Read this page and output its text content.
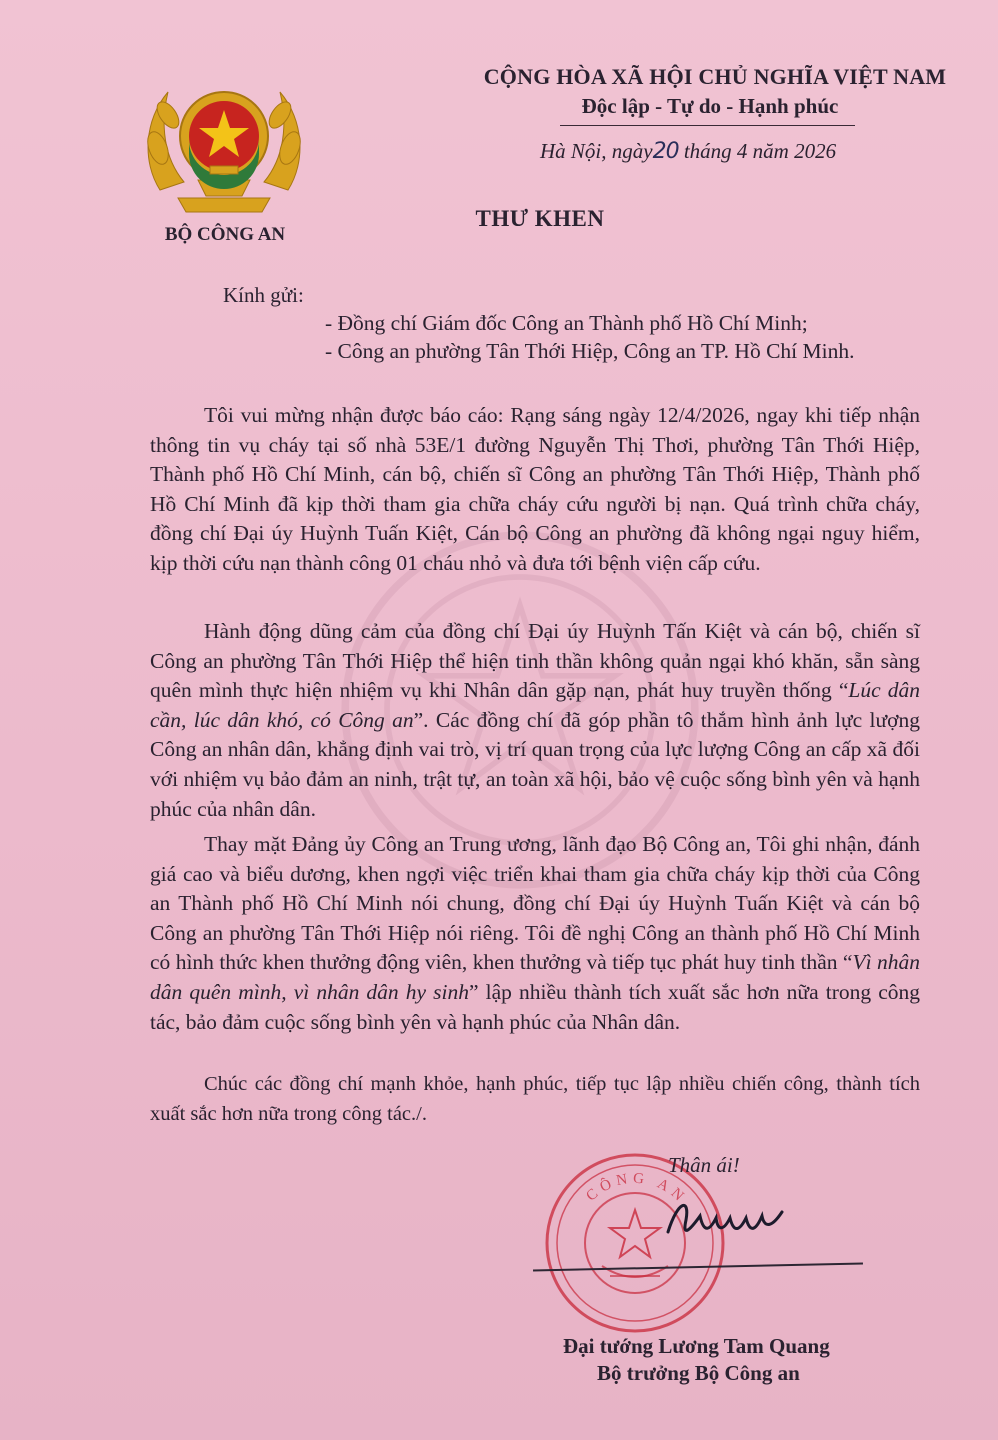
BỘ CÔNG AN
CỘNG HÒA XÃ HỘI CHỦ NGHĨA VIỆT NAM
Độc lập - Tự do - Hạnh phúc
Hà Nội, ngày20 tháng 4 năm 2026
THƯ KHEN
Kính gửi:
- Đồng chí Giám đốc Công an Thành phố Hồ Chí Minh;
- Công an phường Tân Thới Hiệp, Công an TP. Hồ Chí Minh.

Tôi vui mừng nhận được báo cáo: Rạng sáng ngày 12/4/2026, ngay khi tiếp nhận thông tin vụ cháy tại số nhà 53E/1 đường Nguyễn Thị Thơi, phường Tân Thới Hiệp, Thành phố Hồ Chí Minh, cán bộ, chiến sĩ Công an phường Tân Thới Hiệp, Thành phố Hồ Chí Minh đã kịp thời tham gia chữa cháy cứu người bị nạn. Quá trình chữa cháy, đồng chí Đại úy Huỳnh Tuấn Kiệt, Cán bộ Công an phường đã không ngại nguy hiểm, kịp thời cứu nạn thành công 01 cháu nhỏ và đưa tới bệnh viện cấp cứu.

Hành động dũng cảm của đồng chí Đại úy Huỳnh Tấn Kiệt và cán bộ, chiến sĩ Công an phường Tân Thới Hiệp thể hiện tinh thần không quản ngại khó khăn, sẵn sàng quên mình thực hiện nhiệm vụ khi Nhân dân gặp nạn, phát huy truyền thống “Lúc dân cần, lúc dân khó, có Công an”. Các đồng chí đã góp phần tô thắm hình ảnh lực lượng Công an nhân dân, khẳng định vai trò, vị trí quan trọng của lực lượng Công an cấp xã đối với nhiệm vụ bảo đảm an ninh, trật tự, an toàn xã hội, bảo vệ cuộc sống bình yên và hạnh phúc của nhân dân.

Thay mặt Đảng ủy Công an Trung ương, lãnh đạo Bộ Công an, Tôi ghi nhận, đánh giá cao và biểu dương, khen ngợi việc triển khai tham gia chữa cháy kịp thời của Công an Thành phố Hồ Chí Minh nói chung, đồng chí Đại úy Huỳnh Tuấn Kiệt và cán bộ Công an phường Tân Thới Hiệp nói riêng. Tôi đề nghị Công an thành phố Hồ Chí Minh có hình thức khen thưởng động viên, khen thưởng và tiếp tục phát huy tinh thần “Vì nhân dân quên mình, vì nhân dân hy sinh” lập nhiều thành tích xuất sắc hơn nữa trong công tác, bảo đảm cuộc sống bình yên và hạnh phúc của Nhân dân.

Chúc các đồng chí mạnh khỏe, hạnh phúc, tiếp tục lập nhiều chiến công, thành tích xuất sắc hơn nữa trong công tác./.

CÔNG AN
Thân ái!
Đại tướng Lương Tam Quang
Bộ trưởng Bộ Công an
